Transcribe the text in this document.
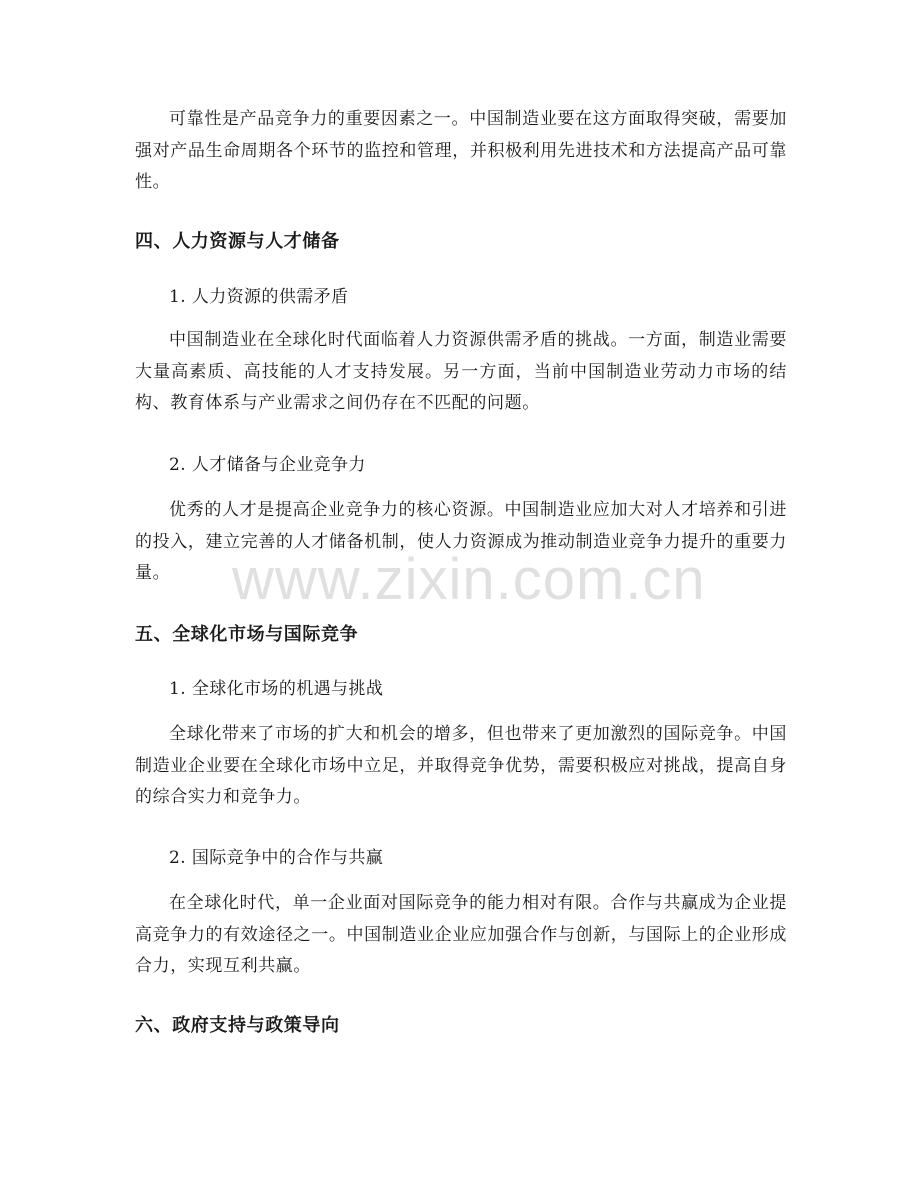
可靠性是产品竞争力的重要因素之一。中国制造业要在这方面取得突破，需要加强对产品生命周期各个环节的监控和管理，并积极利用先进技术和方法提高产品可靠性。

四、人力资源与人才储备

1. 人力资源的供需矛盾

中国制造业在全球化时代面临着人力资源供需矛盾的挑战。一方面，制造业需要大量高素质、高技能的人才支持发展。另一方面，当前中国制造业劳动力市场的结构、教育体系与产业需求之间仍存在不匹配的问题。

2. 人才储备与企业竞争力

优秀的人才是提高企业竞争力的核心资源。中国制造业应加大对人才培养和引进的投入，建立完善的人才储备机制，使人力资源成为推动制造业竞争力提升的重要力量。

五、全球化市场与国际竞争

1. 全球化市场的机遇与挑战

全球化带来了市场的扩大和机会的增多，但也带来了更加激烈的国际竞争。中国制造业企业要在全球化市场中立足，并取得竞争优势，需要积极应对挑战，提高自身的综合实力和竞争力。

2. 国际竞争中的合作与共赢

在全球化时代，单一企业面对国际竞争的能力相对有限。合作与共赢成为企业提高竞争力的有效途径之一。中国制造业企业应加强合作与创新，与国际上的企业形成合力，实现互利共赢。

六、政府支持与政策导向
www.zixin.com.cn
